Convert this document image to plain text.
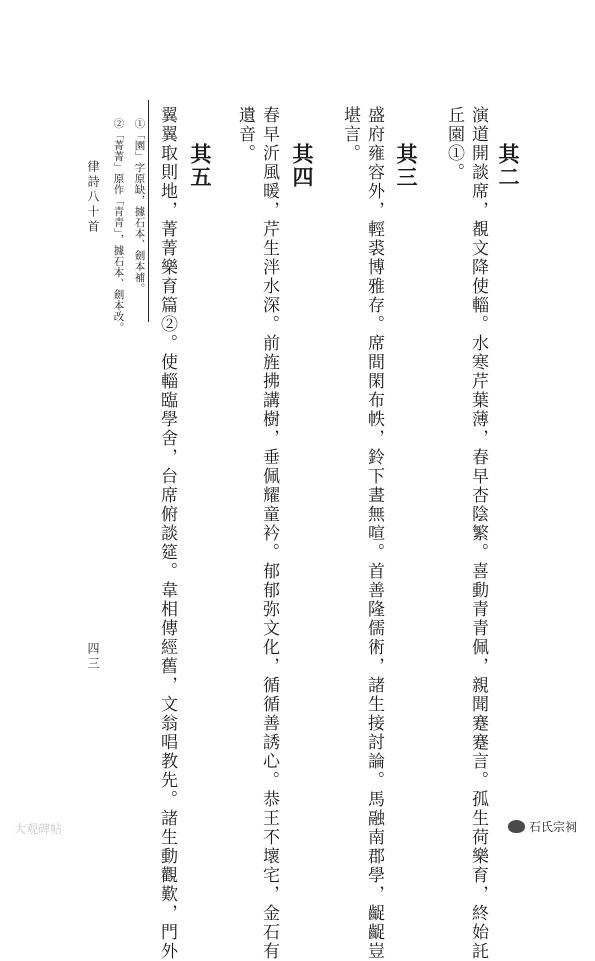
其二
演道開談席，覩文降使輜。水寒芹葉薄，春早杏陰繁。喜動青青佩，親聞蹇蹇言。孤生荷樂育，終始託
丘園①。
其三
盛府雍容外，輕裘博雅存。席間閑布帙，鈴下晝無喧。首善隆儒術，諸生接討論。馬融南郡學，齪齪豈
堪言。
其四
春早沂風暖，芹生泮水深。前旌拂講樹，垂佩耀童衿。郁郁弥文化，循循善誘心。恭王不壞宅，金石有
遺音。
其五
翼翼取則地，菁菁樂育篇②。使輜臨學舍，台席俯談筵。韋相傳經舊，文翁唱教先。諸生動觀歎，門外
①「園」字原缺，據石本、劍本補。
②「菁菁」原作「青青」，據石本、劍本改。
律詩八十首
四三
大观碑帖	石氏宗祠
